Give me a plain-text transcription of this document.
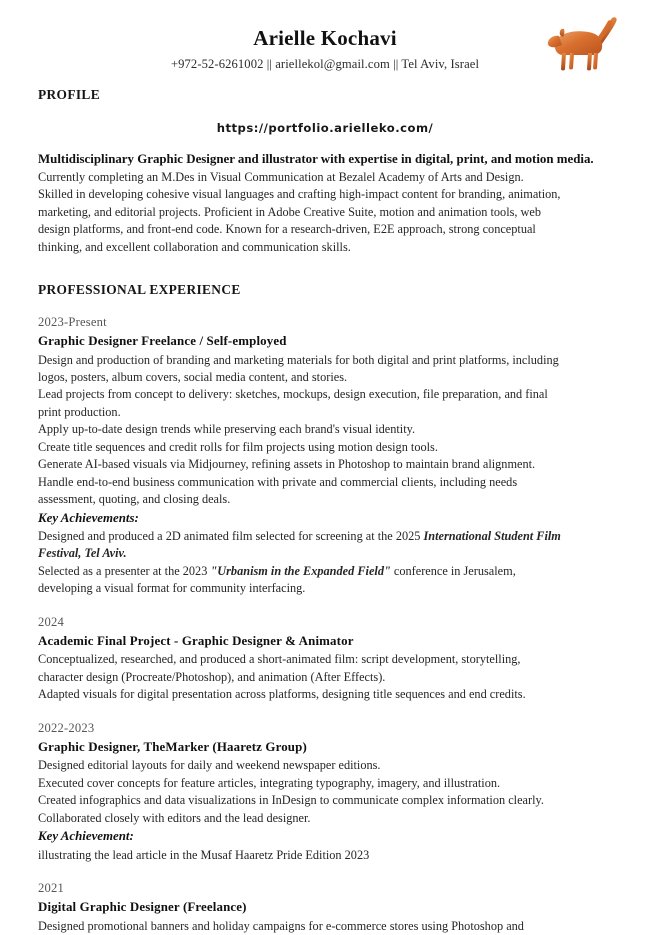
Arielle Kochavi
+972-52-6261002 || ariellekol@gmail.com || Tel Aviv, Israel
PROFILE
https://portfolio.arielleko.com/

Multidisciplinary Graphic Designer and illustrator with expertise in digital, print, and motion media.

Currently completing an M.Des in Visual Communication at Bezalel Academy of Arts and Design.

Skilled in developing cohesive visual languages and crafting high-impact content for branding, animation,

marketing, and editorial projects. Proficient in Adobe Creative Suite, motion and animation tools, web

design platforms, and front-end code. Known for a research-driven, E2E approach, strong conceptual

thinking, and excellent collaboration and communication skills.

PROFESSIONAL EXPERIENCE
2023-Present
Graphic Designer Freelance / Self-employed

Design and production of branding and marketing materials for both digital and print platforms, including

logos, posters, album covers, social media content, and stories.

Lead projects from concept to delivery: sketches, mockups, design execution, file preparation, and final

print production.

Apply up-to-date design trends while preserving each brand's visual identity.

Create title sequences and credit rolls for film projects using motion design tools.

Generate AI-based visuals via Midjourney, refining assets in Photoshop to maintain brand alignment.

Handle end-to-end business communication with private and commercial clients, including needs

assessment, quoting, and closing deals.

Key Achievements:

Designed and produced a 2D animated film selected for screening at the 2025 International Student Film

Festival, Tel Aviv.

Selected as a presenter at the 2023 "Urbanism in the Expanded Field" conference in Jerusalem,

developing a visual format for community interfacing.

2024
Academic Final Project - Graphic Designer & Animator

Conceptualized, researched, and produced a short-animated film: script development, storytelling,

character design (Procreate/Photoshop), and animation (After Effects).

Adapted visuals for digital presentation across platforms, designing title sequences and end credits.

2022-2023
Graphic Designer, TheMarker (Haaretz Group)

Designed editorial layouts for daily and weekend newspaper editions.

Executed cover concepts for feature articles, integrating typography, imagery, and illustration.

Created infographics and data visualizations in InDesign to communicate complex information clearly.

Collaborated closely with editors and the lead designer.

Key Achievement:

illustrating the lead article in the Musaf Haaretz Pride Edition 2023

2021
Digital Graphic Designer (Freelance)

Designed promotional banners and holiday campaigns for e-commerce stores using Photoshop and
